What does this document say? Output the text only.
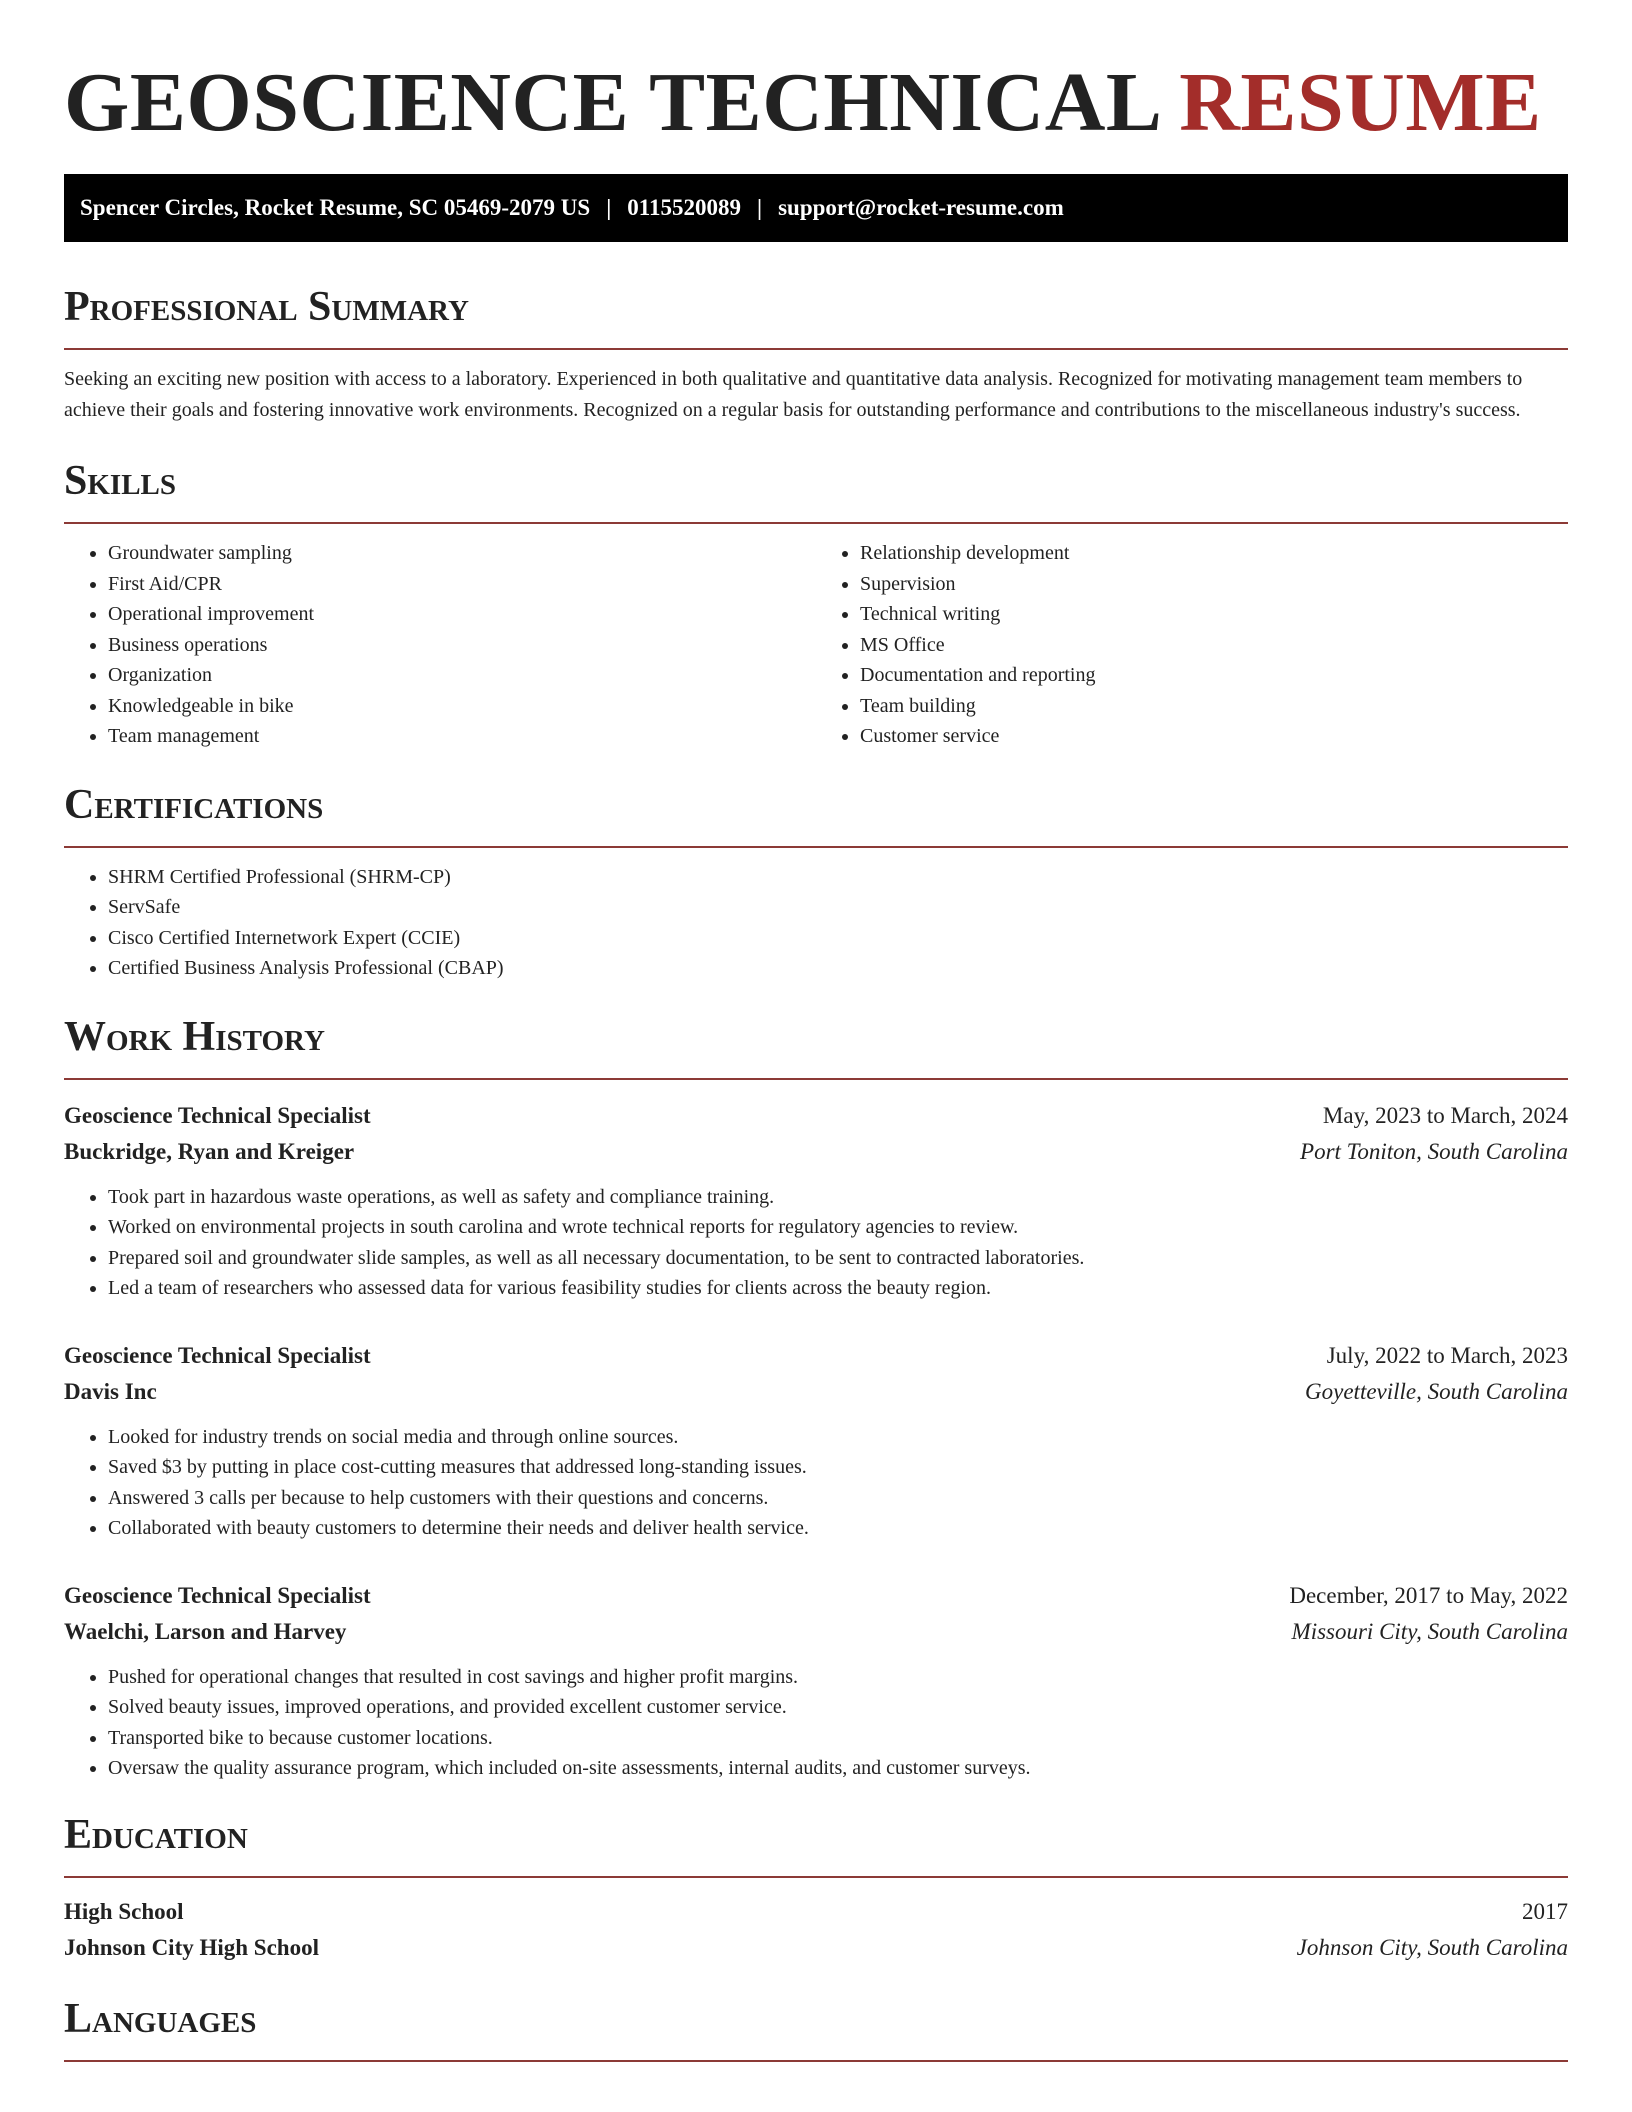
GEOSCIENCE TECHNICAL RESUME
Spencer Circles, Rocket Resume, SC 05469-2079 US | 0115520089 | support@rocket-resume.com
Professional Summary

Seeking an exciting new position with access to a laboratory. Experienced in both qualitative and quantitative data analysis. Recognized for motivating management team members to achieve their goals and fostering innovative work environments. Recognized on a regular basis for outstanding performance and contributions to the miscellaneous industry's success.

Skills
• Groundwater sampling
• First Aid/CPR
• Operational improvement
• Business operations
• Organization
• Knowledgeable in bike
• Team management
• Relationship development
• Supervision
• Technical writing
• MS Office
• Documentation and reporting
• Team building
• Customer service
Certifications
• SHRM Certified Professional (SHRM-CP)
• ServSafe
• Cisco Certified Internetwork Expert (CCIE)
• Certified Business Analysis Professional (CBAP)
Work History
Geoscience Technical Specialist	May, 2023 to March, 2024
Buckridge, Ryan and Kreiger	Port Toniton, South Carolina
• Took part in hazardous waste operations, as well as safety and compliance training.
• Worked on environmental projects in south carolina and wrote technical reports for regulatory agencies to review.
• Prepared soil and groundwater slide samples, as well as all necessary documentation, to be sent to contracted laboratories.
• Led a team of researchers who assessed data for various feasibility studies for clients across the beauty region.
Geoscience Technical Specialist	July, 2022 to March, 2023
Davis Inc	Goyetteville, South Carolina
• Looked for industry trends on social media and through online sources.
• Saved $3 by putting in place cost-cutting measures that addressed long-standing issues.
• Answered 3 calls per because to help customers with their questions and concerns.
• Collaborated with beauty customers to determine their needs and deliver health service.
Geoscience Technical Specialist	December, 2017 to May, 2022
Waelchi, Larson and Harvey	Missouri City, South Carolina
• Pushed for operational changes that resulted in cost savings and higher profit margins.
• Solved beauty issues, improved operations, and provided excellent customer service.
• Transported bike to because customer locations.
• Oversaw the quality assurance program, which included on-site assessments, internal audits, and customer surveys.
Education
High School	2017
Johnson City High School	Johnson City, South Carolina
Languages
